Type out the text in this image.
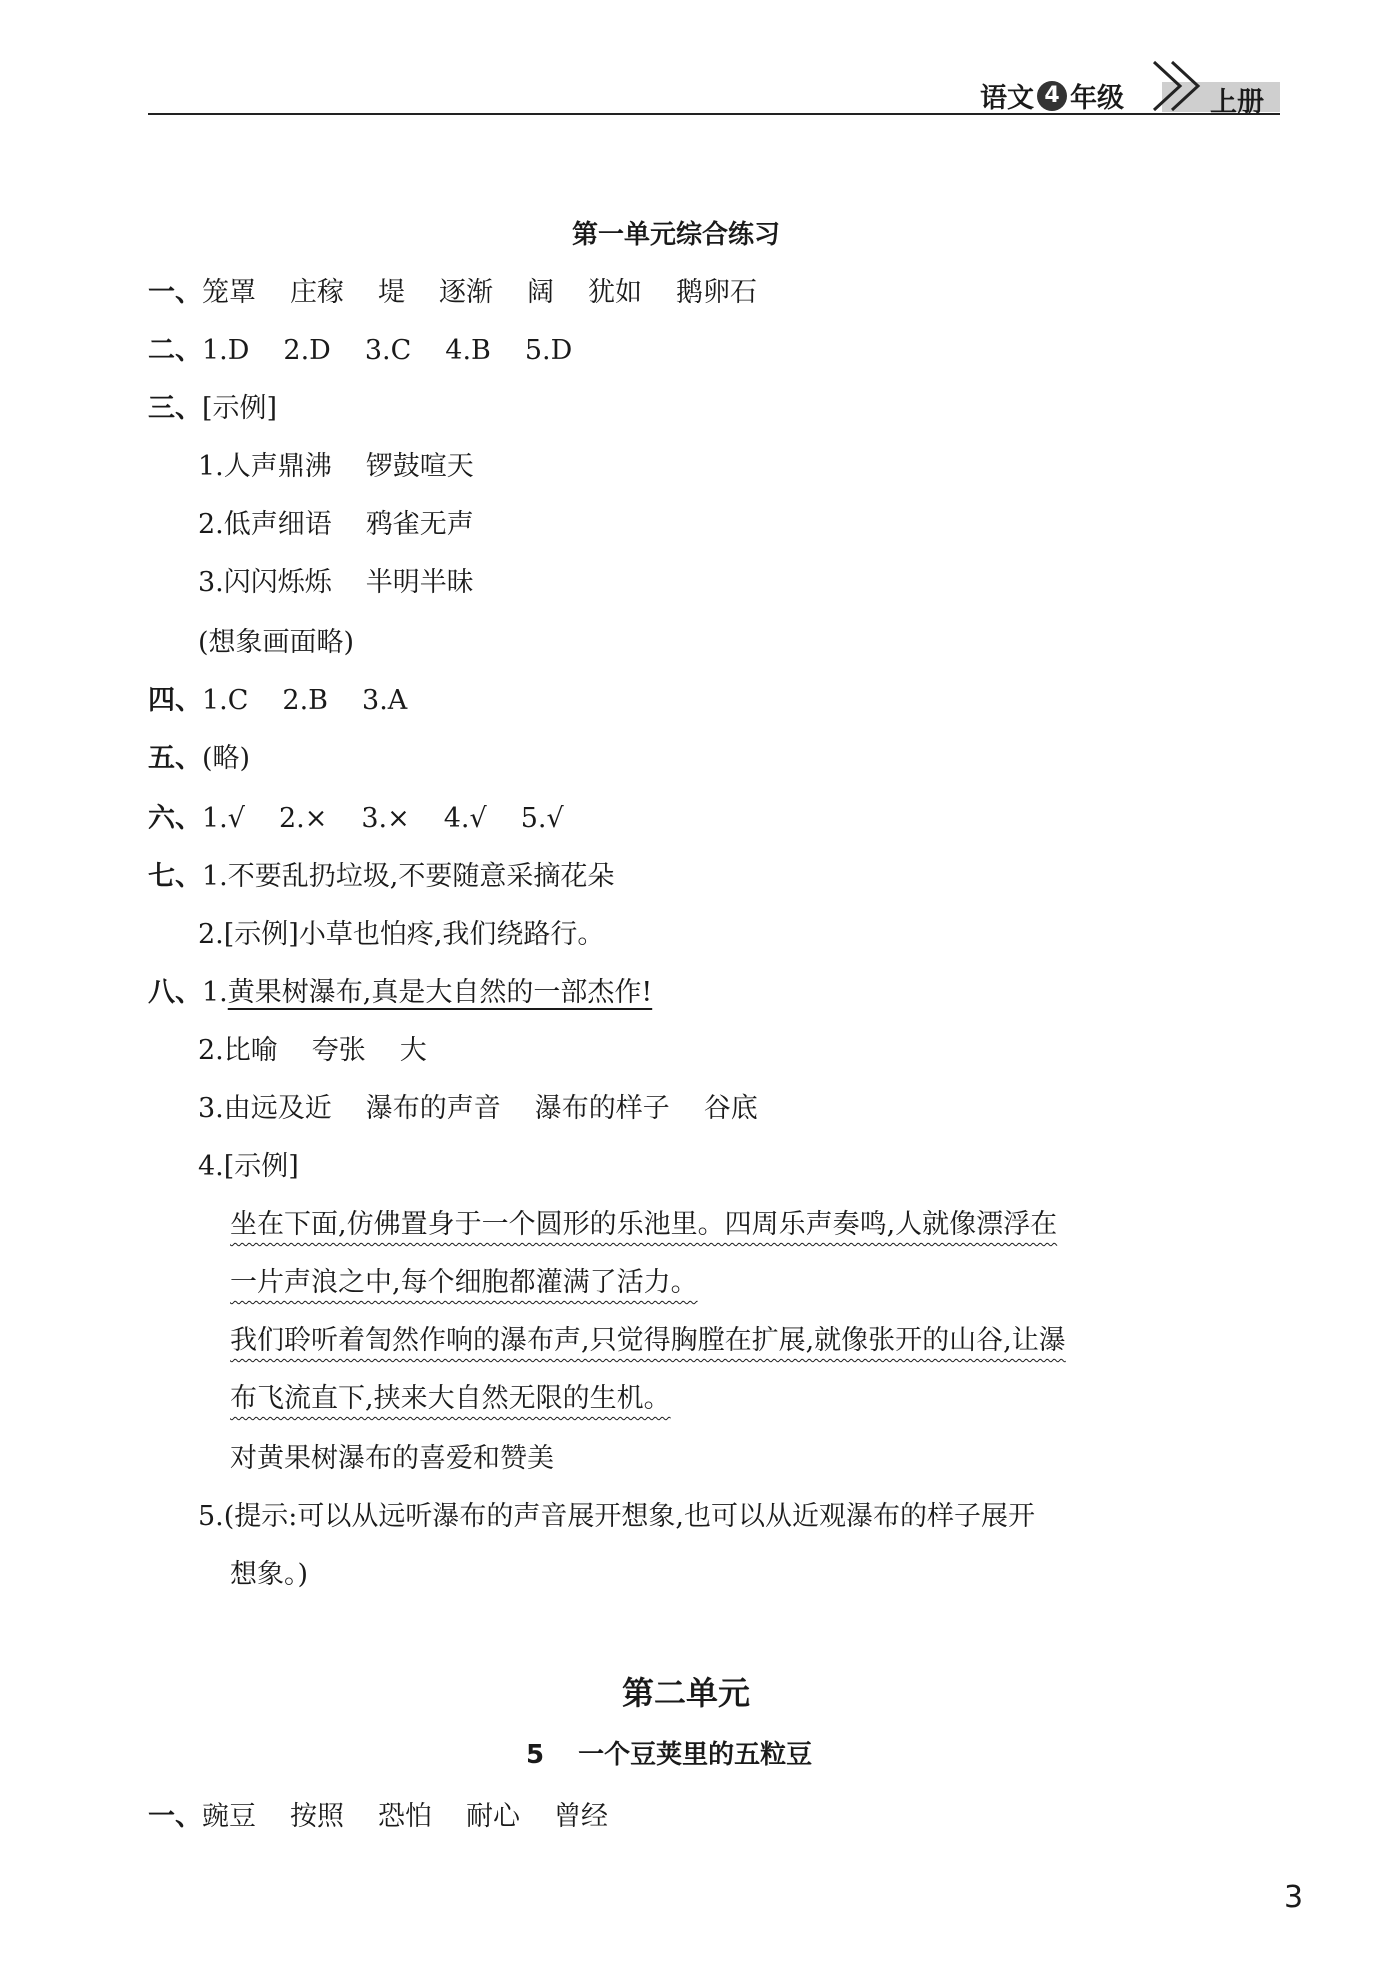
语文 4 年级	上册
第一单元综合练习
一、笼罩 庄稼 堤 逐渐 阔 犹如 鹅卵石
二、1.D 2.D 3.C 4.B 5.D
三、[示例]
1.人声鼎沸 锣鼓喧天
2.低声细语 鸦雀无声
3.闪闪烁烁 半明半昧
(想象画面略)
四、1.C 2.B 3.A
五、(略)
六、1.√ 2.× 3.× 4.√ 5.√
七、1.不要乱扔垃圾,不要随意采摘花朵
2.[示例]小草也怕疼,我们绕路行。
八、1.黄果树瀑布,真是大自然的一部杰作!
2.比喻 夸张 大
3.由远及近 瀑布的声音 瀑布的样子 谷底
4.[示例]
坐在下面,仿佛置身于一个圆形的乐池里。四周乐声奏鸣,人就像漂浮在
一片声浪之中,每个细胞都灌满了活力。
我们聆听着訇然作响的瀑布声,只觉得胸膛在扩展,就像张开的山谷,让瀑
布飞流直下,挟来大自然无限的生机。
对黄果树瀑布的喜爱和赞美
5.(提示:可以从远听瀑布的声音展开想象,也可以从近观瀑布的样子展开
想象。)
第二单元
5 一个豆荚里的五粒豆
一、豌豆 按照 恐怕 耐心 曾经
3
